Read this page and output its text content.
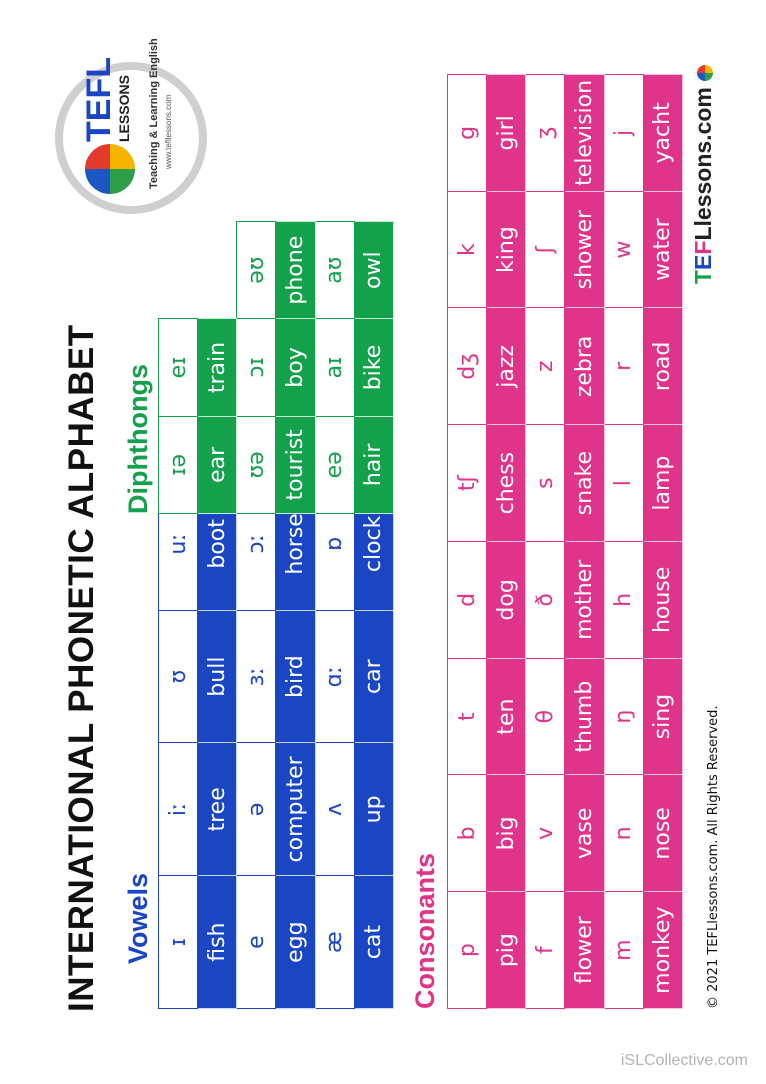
INTERNATIONAL PHONETIC ALPHABET Vowels ɪ	iː	ʊ	uː
fish	tree	bull	boot
e	ə	ɜː	ɔː
egg	computer	bird	horse
æ	ʌ	ɑː	ɒ
cat	up	car	clock
Diphthongs ɪə	eɪ	
ear	train	
ʊə	ɔɪ	əʊ
tourist	boy	phone
eə	aɪ	aʊ
hair	bike	owl
Consonants p	b	t	d	tʃ	dʒ	k	g
pig	big	ten	dog	chess	jazz	king	girl
f	v	θ	ð	s	z	ʃ	ʒ
flower	vase	thumb	mother	snake	zebra	shower	television
m	n	ŋ	h	l	r	w	j
monkey	nose	sing	house	lamp	road	water	yacht
TEFL
LESSONS Teaching & Learning English www.tefllessons.com
TEFLlessons.com
© 2021 TEFLlessons.com. All Rights Reserved.
iSLCollective.com
